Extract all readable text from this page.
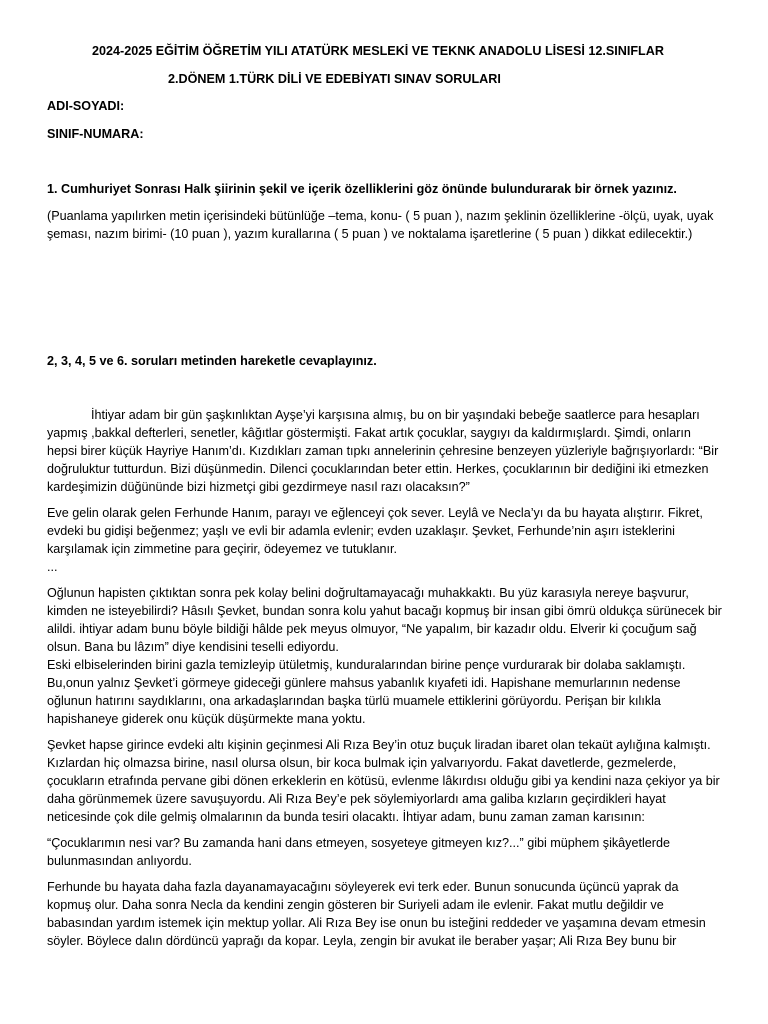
2024-2025 EĞİTİM ÖĞRETİM YILI ATATÜRK MESLEKİ VE TEKNK ANADOLU LİSESİ 12.SINIFLAR
2.DÖNEM 1.TÜRK DİLİ VE EDEBİYATI SINAV SORULARI
ADI-SOYADI:
SINIF-NUMARA:
1. Cumhuriyet Sonrası Halk şiirinin şekil ve içerik özelliklerini göz önünde bulundurarak bir örnek yazınız.
(Puanlama yapılırken metin içerisindeki bütünlüğe –tema, konu- ( 5 puan ), nazım şeklinin özelliklerine -ölçü, uyak, uyak şeması, nazım birimi- (10 puan ), yazım kurallarına ( 5 puan ) ve noktalama işaretlerine ( 5 puan ) dikkat edilecektir.)
2, 3, 4, 5 ve 6. soruları metinden hareketle cevaplayınız.

İhtiyar adam bir gün şaşkınlıktan Ayşe’yi karşısına almış, bu on bir yaşındaki bebeğe saatlerce para hesapları yapmış ,bakkal defterleri, senetler, kâğıtlar göstermişti. Fakat artık çocuklar, saygıyı da kaldırmışlardı. Şimdi, onların hepsi birer küçük Hayriye Hanım’dı. Kızdıkları zaman tıpkı annelerinin çehresine benzeyen yüzleriyle bağrışıyorlardı: “Bir doğruluktur tutturdun. Bizi düşünmedin. Dilenci çocuklarından beter ettin. Herkes, çocuklarının bir dediğini iki etmezken kardeşimizin düğününde bizi hizmetçi gibi gezdirmeye nasıl razı olacaksın?”

Eve gelin olarak gelen Ferhunde Hanım, parayı ve eğlenceyi çok sever. Leylâ ve Necla’yı da bu hayata alıştırır. Fikret, evdeki bu gidişi beğenmez; yaşlı ve evli bir adamla evlenir; evden uzaklaşır. Şevket, Ferhunde’nin aşırı isteklerini karşılamak için zimmetine para geçirir, ödeyemez ve tutuklanır.

...

Oğlunun hapisten çıktıktan sonra pek kolay belini doğrultamayacağı muhakkaktı. Bu yüz karasıyla nereye başvurur, kimden ne isteyebilirdi? Hâsılı Şevket, bundan sonra kolu yahut bacağı kopmuş bir insan gibi ömrü oldukça sürünecek bir alildi. ihtiyar adam bunu böyle bildiği hâlde pek meyus olmuyor, “Ne yapalım, bir kazadır oldu. Elverir ki çocuğum sağ olsun. Bana bu lâzım” diye kendisini teselli ediyordu.

Eski elbiselerinden birini gazla temizleyip ütületmiş, kunduralarından birine pençe vurdurarak bir dolaba saklamıştı. Bu,onun yalnız Şevket’i görmeye gideceği günlere mahsus yabanlık kıyafeti idi. Hapishane memurlarının nedense oğlunun hatırını saydıklarını, ona arkadaşlarından başka türlü muamele ettiklerini görüyordu. Perişan bir kılıkla hapishaneye giderek onu küçük düşürmekte mana yoktu.

Şevket hapse girince evdeki altı kişinin geçinmesi Ali Rıza Bey’in otuz buçuk liradan ibaret olan tekaüt aylığına kalmıştı. Kızlardan hiç olmazsa birine, nasıl olursa olsun, bir koca bulmak için yalvarıyordu. Fakat davetlerde, gezmelerde, çocukların etrafında pervane gibi dönen erkeklerin en kötüsü, evlenme lâkırdısı olduğu gibi ya kendini naza çekiyor ya bir daha görünmemek üzere savuşuyordu. Ali Rıza Bey’e pek söylemiyorlardı ama galiba kızların geçirdikleri hayat neticesinde çok dile gelmiş olmalarının da bunda tesiri olacaktı. İhtiyar adam, bunu zaman zaman karısının:

“Çocuklarımın nesi var? Bu zamanda hani dans etmeyen, sosyeteye gitmeyen kız?...” gibi müphem şikâyetlerde bulunmasından anlıyordu.

Ferhunde bu hayata daha fazla dayanamayacağını söyleyerek evi terk eder. Bunun sonucunda üçüncü yaprak da kopmuş olur. Daha sonra Necla da kendini zengin gösteren bir Suriyeli adam ile evlenir. Fakat mutlu değildir ve babasından yardım istemek için mektup yollar. Ali Rıza Bey ise onun bu isteğini reddeder ve yaşamına devam etmesin söyler. Böylece dalın dördüncü yaprağı da kopar. Leyla, zengin bir avukat ile beraber yaşar; Ali Rıza Bey bunu bir
